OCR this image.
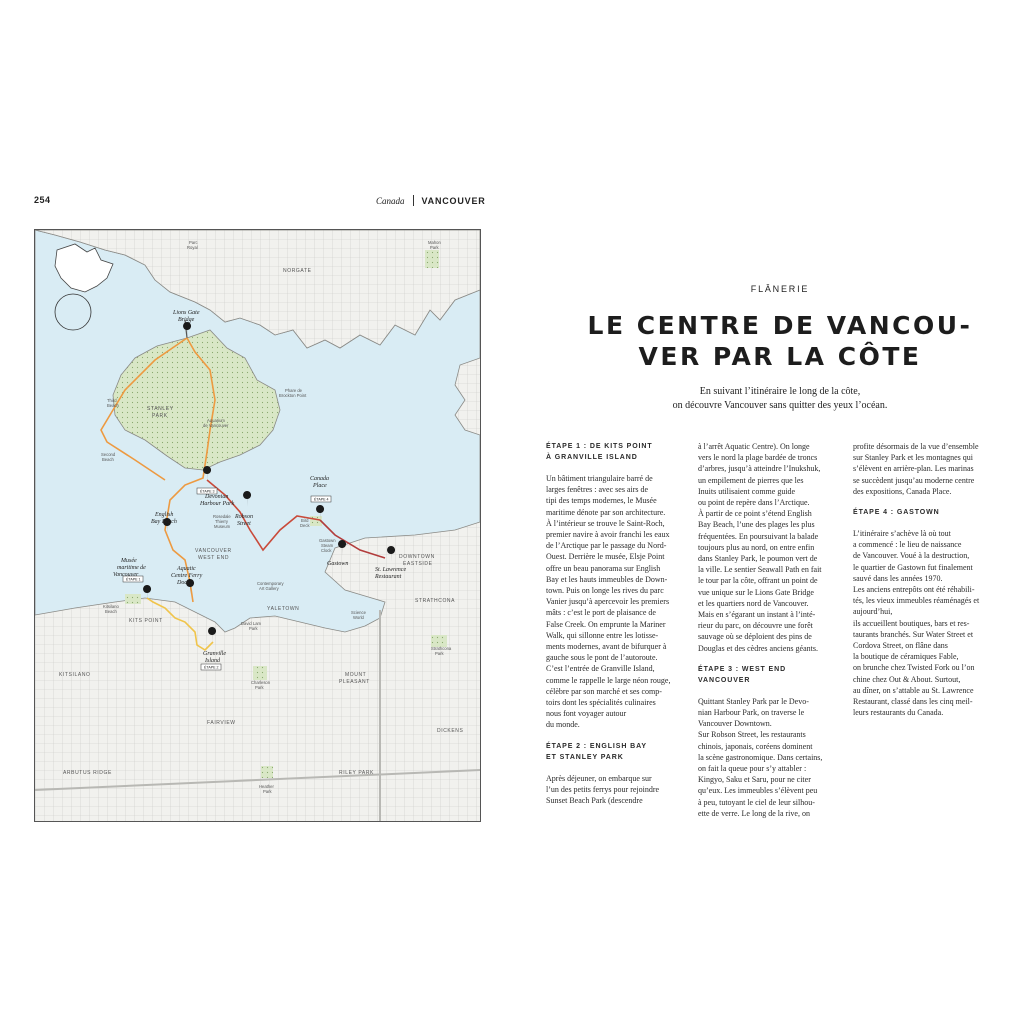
254	Canada VANCOUVER
ÉTAPE 3
ÉTAPE 4
ÉTAPE 1
ÉTAPE 2
Lions Gate Bridge
Devonian Harbour Park
Robson Street
Canada Place
Gastown
St. Lawrence Restaurant
English Bay Beach
Musée maritime de Vancouver
Aquatic Centre Ferry Dock
Granville Island
Parc Royal
NORGATE
Mahon Park
STANLEY PARK
Third Beach
Aquarium de Vancouver
Phare de Brockton Point
Second Beach
Rosedale Thierry Museum
Bird Deck
Gastown Steam Clock
DOWNTOWN EASTSIDE
VANCOUVER WEST END
Contemporary Art Gallery
Kitsilano Beach
KITS POINT
YALETOWN
Science World
David Lam Park
STRATHCONA
Strathcona Park
KITSILANO
Charleson Park
MOUNT PLEASANT
FAIRVIEW
DICKENS
ARBUTUS RIDGE
Heather Park
RILEY PARK
FLÂNERIE
LE CENTRE DE VANCOU-
VER PAR LA CÔTE
En suivant l’itinéraire le long de la côte,
on découvre Vancouver sans quitter des yeux l’océan.
ÉTAPE 1 : DE KITS POINT
À GRANVILLE ISLAND

Un bâtiment triangulaire barré de
larges fenêtres : avec ses airs de
tipi des temps modernes, le Musée
maritime dénote par son architecture.
À l’intérieur se trouve le Saint-Roch,
premier navire à avoir franchi les eaux
de l’Arctique par le passage du Nord-
Ouest. Derrière le musée, Elsje Point
offre un beau panorama sur English
Bay et les hauts immeubles de Down-
town. Puis on longe les rives du parc
Vanier jusqu’à apercevoir les premiers
mâts : c’est le port de plaisance de
False Creek. On emprunte la Mariner
Walk, qui sillonne entre les lotisse-
ments modernes, avant de bifurquer à
gauche sous le pont de l’autoroute.
C’est l’entrée de Granville Island,
comme le rappelle le large néon rouge,
célèbre par son marché et ses comp-
toirs dont les spécialités culinaires
nous font voyager autour
du monde.

ÉTAPE 2 : ENGLISH BAY
ET STANLEY PARK

Après déjeuner, on embarque sur
l’un des petits ferrys pour rejoindre
Sunset Beach Park (descendre

à l’arrêt Aquatic Centre). On longe
vers le nord la plage bardée de troncs
d’arbres, jusqu’à atteindre l’Inukshuk,
un empilement de pierres que les
Inuits utilisaient comme guide
ou point de repère dans l’Arctique.
À partir de ce point s’étend English
Bay Beach, l’une des plages les plus
fréquentées. En poursuivant la balade
toujours plus au nord, on entre enfin
dans Stanley Park, le poumon vert de
la ville. Le sentier Seawall Path en fait
le tour par la côte, offrant un point de
vue unique sur le Lions Gate Bridge
et les quartiers nord de Vancouver.
Mais en s’égarant un instant à l’inté-
rieur du parc, on découvre une forêt
sauvage où se déploient des pins de
Douglas et des cèdres anciens géants.

ÉTAPE 3 : WEST END VANCOUVER

Quittant Stanley Park par le Devo-
nian Harbour Park, on traverse le
Vancouver Downtown.
Sur Robson Street, les restaurants
chinois, japonais, coréens dominent
la scène gastronomique. Dans certains,
on fait la queue pour s’y attabler :
Kingyo, Saku et Saru, pour ne citer
qu’eux. Les immeubles s’élèvent peu
à peu, tutoyant le ciel de leur silhou-
ette de verre. Le long de la rive, on

profite désormais de la vue d’ensemble
sur Stanley Park et les montagnes qui
s’élèvent en arrière-plan. Les marinas
se succèdent jusqu’au moderne centre
des expositions, Canada Place.

ÉTAPE 4 : GASTOWN

L’itinéraire s’achève là où tout
a commencé : le lieu de naissance
de Vancouver. Voué à la destruction,
le quartier de Gastown fut finalement
sauvé dans les années 1970.
Les anciens entrepôts ont été réhabili-
tés, les vieux immeubles réaménagés et
aujourd’hui,
ils accueillent boutiques, bars et res-
taurants branchés. Sur Water Street et
Cordova Street, on flâne dans
la boutique de céramiques Fable,
on brunche chez Twisted Fork ou l’on
chine chez Out & About. Surtout,
au dîner, on s’attable au St. Lawrence
Restaurant, classé dans les cinq meil-
leurs restaurants du Canada.
